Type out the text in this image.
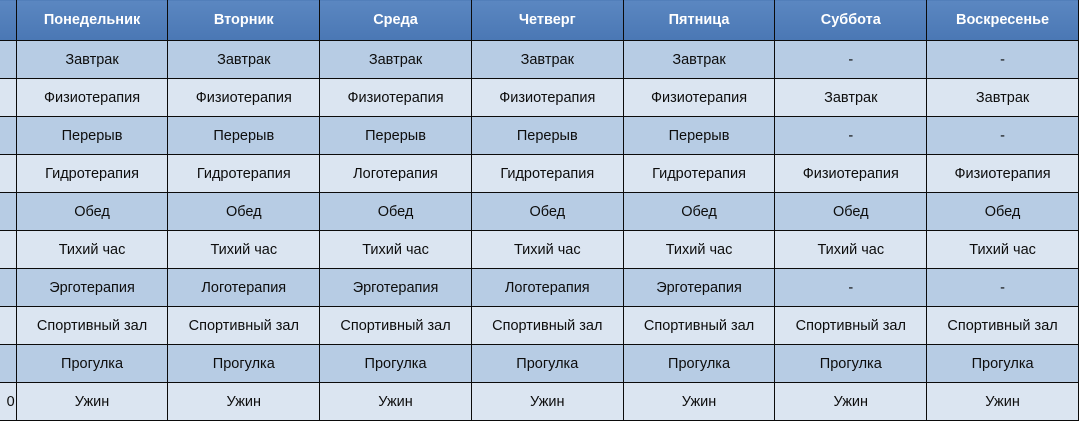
	Понедельник	Вторник	Среда	Четверг	Пятница	Суббота	Воскресенье
	Завтрак	Завтрак	Завтрак	Завтрак	Завтрак	-	-
	Физиотерапия	Физиотерапия	Физиотерапия	Физиотерапия	Физиотерапия	Завтрак	Завтрак
	Перерыв	Перерыв	Перерыв	Перерыв	Перерыв	-	-
	Гидротерапия	Гидротерапия	Логотерапия	Гидротерапия	Гидротерапия	Физиотерапия	Физиотерапия
	Обед	Обед	Обед	Обед	Обед	Обед	Обед
	Тихий час	Тихий час	Тихий час	Тихий час	Тихий час	Тихий час	Тихий час
	Эрготерапия	Логотерапия	Эрготерапия	Логотерапия	Эрготерапия	-	-
	Спортивный зал	Спортивный зал	Спортивный зал	Спортивный зал	Спортивный зал	Спортивный зал	Спортивный зал
	Прогулка	Прогулка	Прогулка	Прогулка	Прогулка	Прогулка	Прогулка
0	Ужин	Ужин	Ужин	Ужин	Ужин	Ужин	Ужин
